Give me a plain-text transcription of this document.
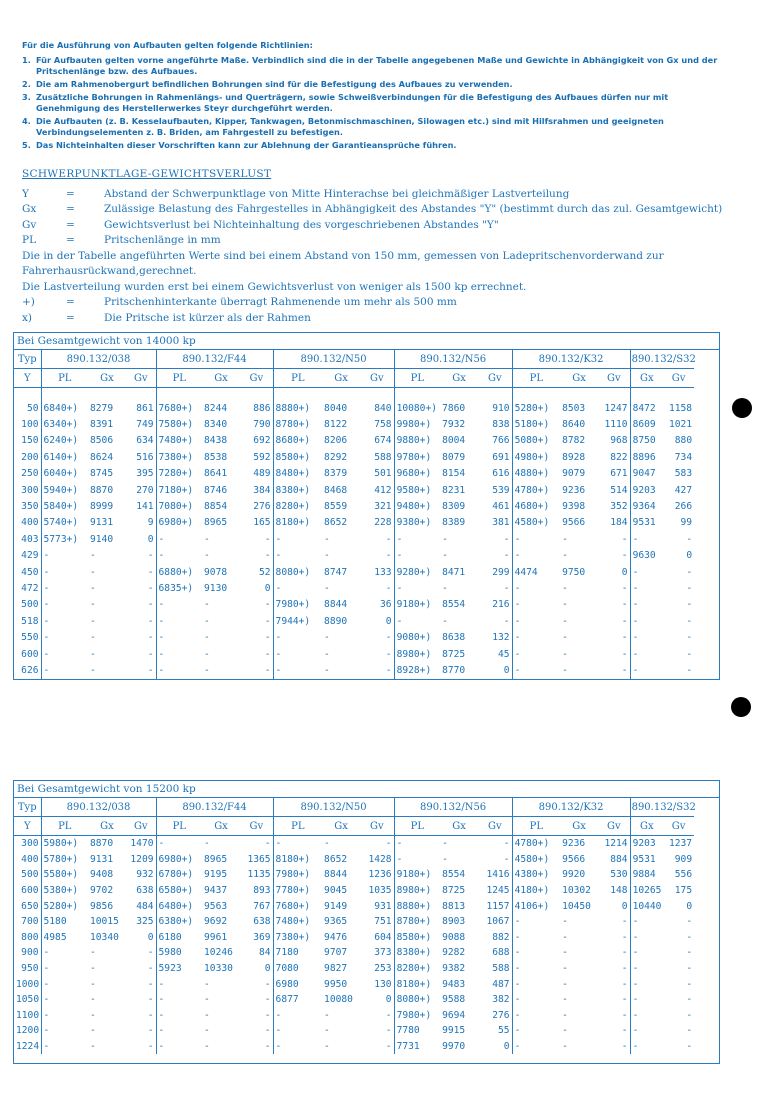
Für die Ausführung von Aufbauten gelten folgende Richtlinien:
1. Für Aufbauten gelten vorne angeführte Maße. Verbindlich sind die in der Tabelle angegebenen Maße und Gewichte in Abhängigkeit von Gx und der Pritschenlänge bzw. des Aufbaues.
2. Die am Rahmenobergurt befindlichen Bohrungen sind für die Befestigung des Aufbaues zu verwenden.
3. Zusätzliche Bohrungen in Rahmenlängs- und Querträgern, sowie Schweißverbindungen für die Befestigung des Aufbaues dürfen nur mit Genehmigung des Herstellerwerkes Steyr durchgeführt werden.
4. Die Aufbauten (z. B. Kesselaufbauten, Kipper, Tankwagen, Betonmischmaschinen, Silowagen etc.) sind mit Hilfsrahmen und geeigneten Verbindungselementen z. B. Briden, am Fahrgestell zu befestigen.
5. Das Nichteinhalten dieser Vorschriften kann zur Ablehnung der Garantieansprüche führen.
SCHWERPUNKTLAGE-GEWICHTSVERLUST
Y	=	Abstand der Schwerpunktlage von Mitte Hinterachse bei gleichmäßiger Lastverteilung
Gx	=	Zulässige Belastung des Fahrgestelles in Abhängigkeit des Abstandes "Y" (bestimmt durch das zul. Gesamtgewicht)
Gv	=	Gewichtsverlust bei Nichteinhaltung des vorgeschriebenen Abstandes "Y"
PL	=	Pritschenlänge in mm
Die in der Tabelle angeführten Werte sind bei einem Abstand von 150 mm, gemessen von Ladepritschenvorderwand zur Fahrerhausrückwand,gerechnet.
Die Lastverteilung wurden erst bei einem Gewichtsverlust von weniger als 1500 kp errechnet.
+)	=	Pritschenhinterkante überragt Rahmenende um mehr als 500 mm
x)	=	Die Pritsche ist kürzer als der Rahmen
Bei Gesamtgewicht von 14000 kp
Typ	890.132/038			890.132/F44			890.132/N50			890.132/N56			890.132/K32			890.132/S32	
Y	PL	Gx	Gv	PL	Gx	Gv	PL	Gx	Gv	PL	Gx	Gv	PL	Gx	Gv	Gx	Gv

50	6840+)	8279	861	7680+)	8244	886	8880+)	8040	840	10080+)	7860	910	5280+)	8503	1247	8472	1158
100	6340+)	8391	749	7580+)	8340	790	8780+)	8122	758	9980+)	7932	838	5180+)	8640	1110	8609	1021
150	6240+)	8506	634	7480+)	8438	692	8680+)	8206	674	9880+)	8004	766	5080+)	8782	968	8750	880
200	6140+)	8624	516	7380+)	8538	592	8580+)	8292	588	9780+)	8079	691	4980+)	8928	822	8896	734
250	6040+)	8745	395	7280+)	8641	489	8480+)	8379	501	9680+)	8154	616	4880+)	9079	671	9047	583
300	5940+)	8870	270	7180+)	8746	384	8380+)	8468	412	9580+)	8231	539	4780+)	9236	514	9203	427
350	5840+)	8999	141	7080+)	8854	276	8280+)	8559	321	9480+)	8309	461	4680+)	9398	352	9364	266
400	5740+)	9131	9	6980+)	8965	165	8180+)	8652	228	9380+)	8389	381	4580+)	9566	184	9531	99
403	5773+)	9140	0	-	-	-	-	-	-	-	-	-	-	-	-	-	-
429	-	-	-	-	-	-	-	-	-	-	-	-	-	-	-	9630	0
450	-	-	-	6880+)	9078	52	8080+)	8747	133	9280+)	8471	299	4474	9750	0	-	-
472	-	-	-	6835+)	9130	0	-	-	-	-	-	-	-	-	-	-	-
500	-	-	-	-	-	-	7980+)	8844	36	9180+)	8554	216	-	-	-	-	-
518	-	-	-	-	-	-	7944+)	8890	0	-	-	-	-	-	-	-	-
550	-	-	-	-	-	-	-	-	-	9080+)	8638	132	-	-	-	-	-
600	-	-	-	-	-	-	-	-	-	8980+)	8725	45	-	-	-	-	-
626	-	-	-	-	-	-	-	-	-	8928+)	8770	0	-	-	-	-	-
Bei Gesamtgewicht von 15200 kp
Typ	890.132/038			890.132/F44			890.132/N50			890.132/N56			890.132/K32			890.132/S32	
Y	PL	Gx	Gv	PL	Gx	Gv	PL	Gx	Gv	PL	Gx	Gv	PL	Gx	Gv	Gx	Gv
300	5980+)	8870	1470	-	-	-	-	-	-	-	-	-	4780+)	9236	1214	9203	1237
400	5780+)	9131	1209	6980+)	8965	1365	8180+)	8652	1428	-	-	-	4580+)	9566	884	9531	909
500	5580+)	9408	932	6780+)	9195	1135	7980+)	8844	1236	9180+)	8554	1416	4380+)	9920	530	9884	556
600	5380+)	9702	638	6580+)	9437	893	7780+)	9045	1035	8980+)	8725	1245	4180+)	10302	148	10265	175
650	5280+)	9856	484	6480+)	9563	767	7680+)	9149	931	8880+)	8813	1157	4106+)	10450	0	10440	0
700	5180	10015	325	6380+)	9692	638	7480+)	9365	751	8780+)	8903	1067	-	-	-	-	-
800	4985	10340	0	6180	9961	369	7380+)	9476	604	8580+)	9088	882	-	-	-	-	-
900	-	-	-	5980	10246	84	7180	9707	373	8380+)	9282	688	-	-	-	-	-
950	-	-	-	5923	10330	0	7080	9827	253	8280+)	9382	588	-	-	-	-	-
1000	-	-	-	-	-	-	6980	9950	130	8180+)	9483	487	-	-	-	-	-
1050	-	-	-	-	-	-	6877	10080	0	8080+)	9588	382	-	-	-	-	-
1100	-	-	-	-	-	-	-	-	-	7980+)	9694	276	-	-	-	-	-
1200	-	-	-	-	-	-	-	-	-	7780	9915	55	-	-	-	-	-
1224	-	-	-	-	-	-	-	-	-	7731	9970	0	-	-	-	-	-
